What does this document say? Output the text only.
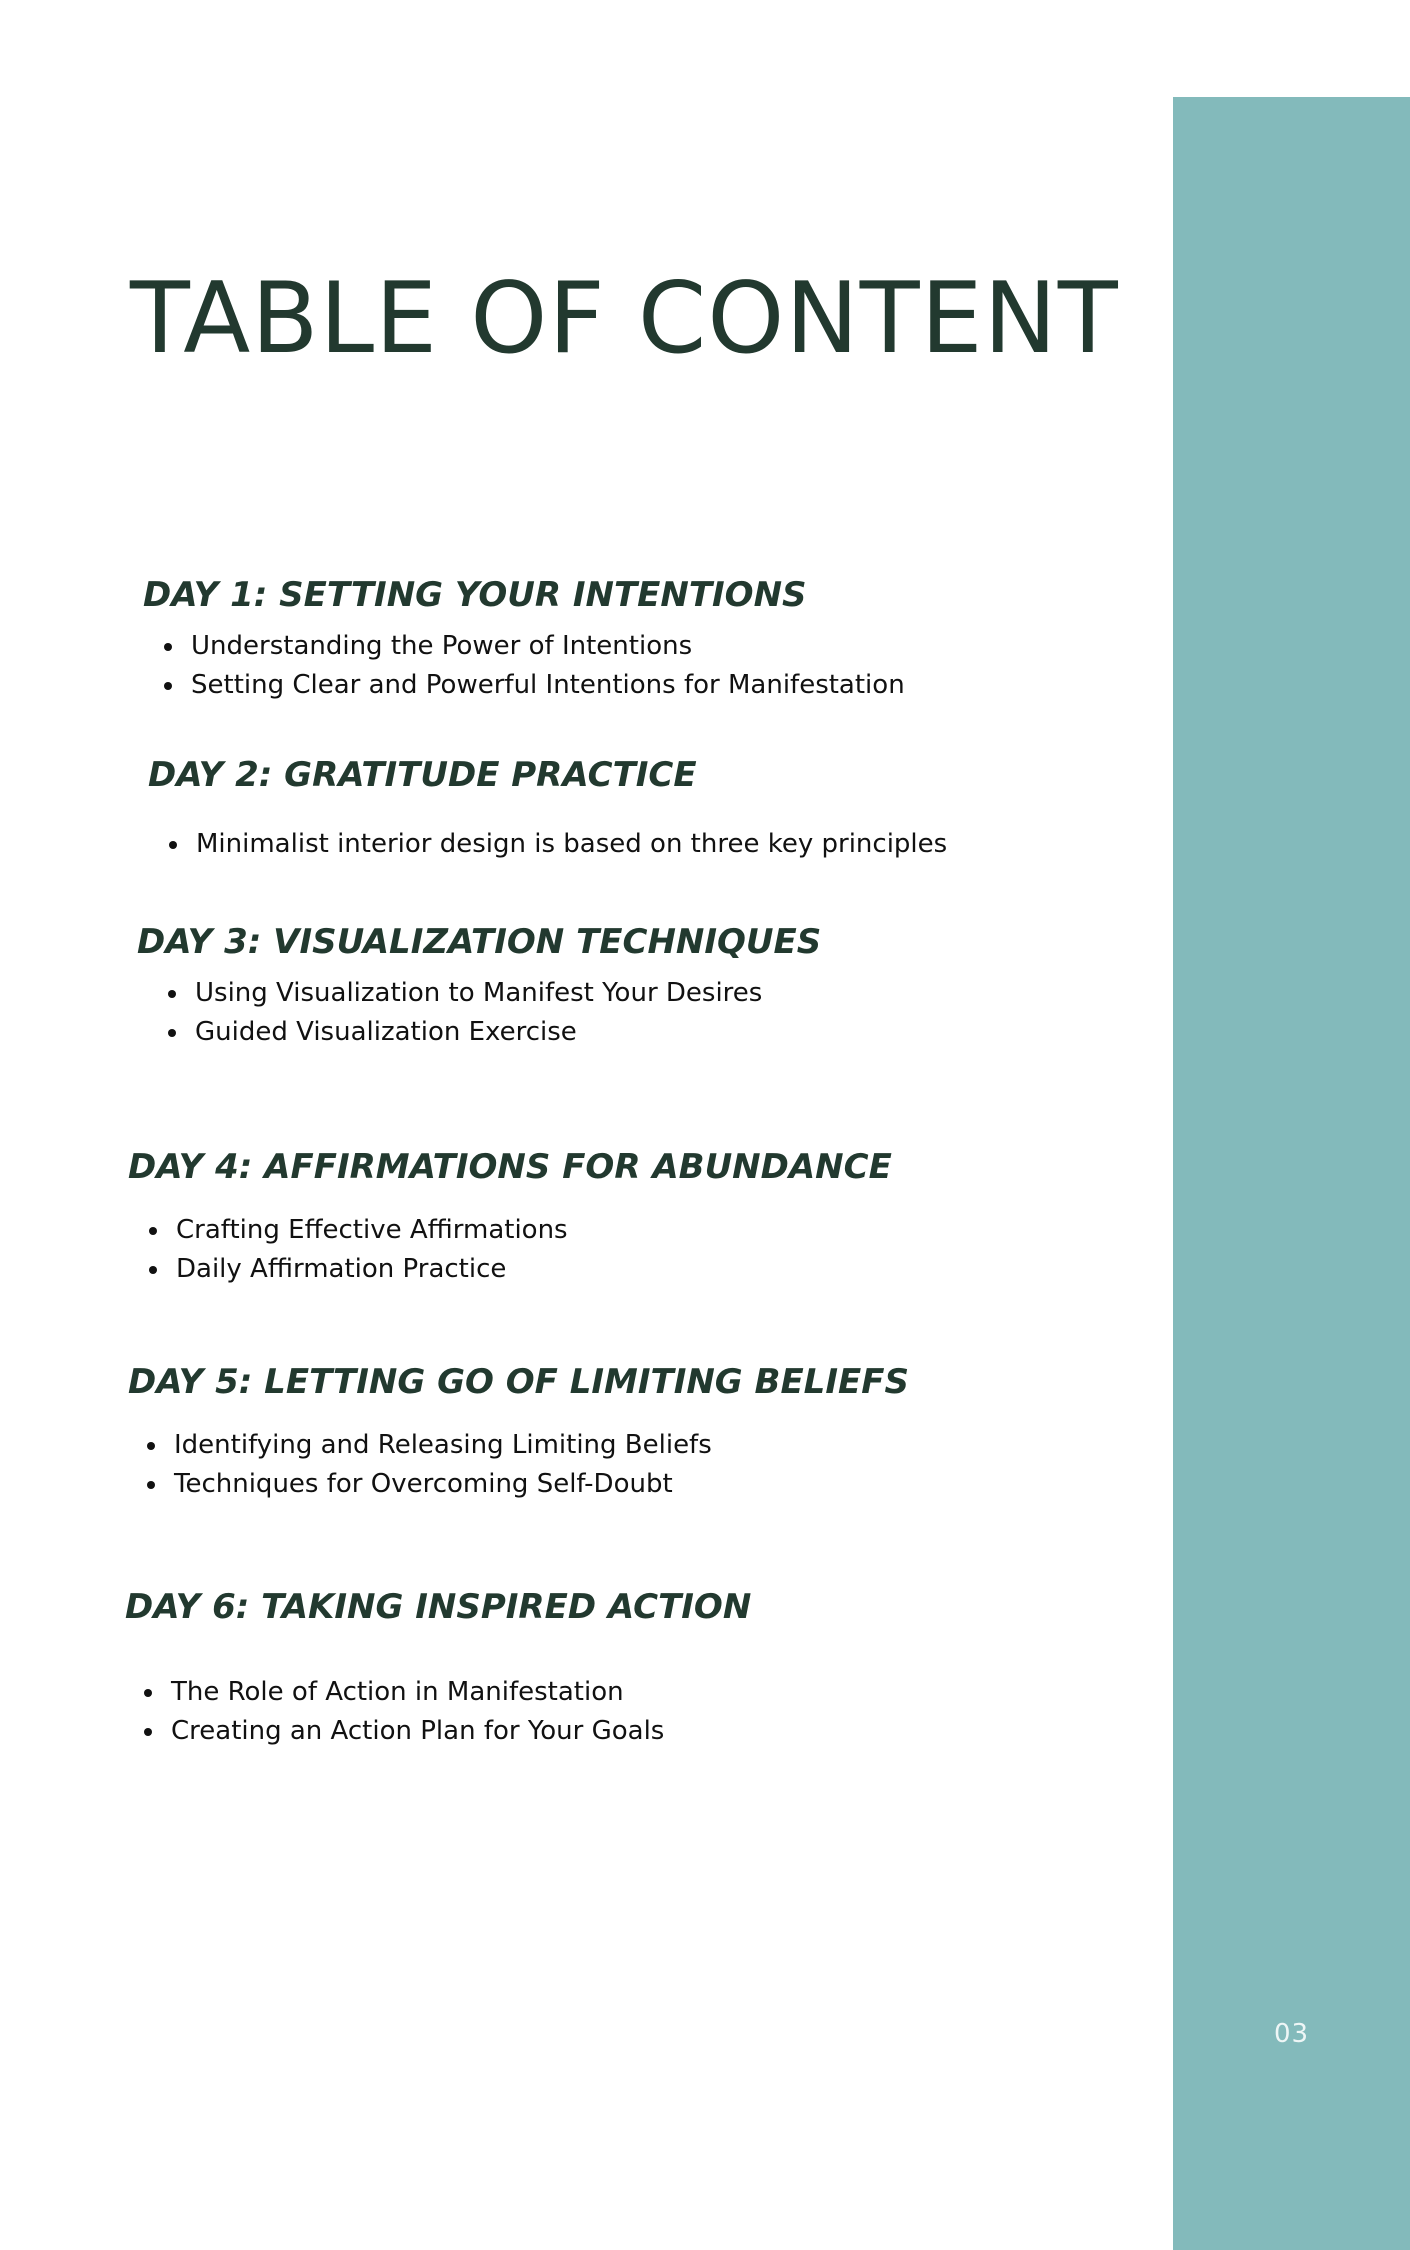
03
TABLE OF CONTENT
DAY 1: SETTING YOUR INTENTIONS
Understanding the Power of Intentions
Setting Clear and Powerful Intentions for Manifestation
DAY 2: GRATITUDE PRACTICE
Minimalist interior design is based on three key principles
DAY 3: VISUALIZATION TECHNIQUES
Using Visualization to Manifest Your Desires
Guided Visualization Exercise
DAY 4: AFFIRMATIONS FOR ABUNDANCE
Crafting Effective Affirmations
Daily Affirmation Practice
DAY 5: LETTING GO OF LIMITING BELIEFS
Identifying and Releasing Limiting Beliefs
Techniques for Overcoming Self-Doubt
DAY 6: TAKING INSPIRED ACTION
The Role of Action in Manifestation
Creating an Action Plan for Your Goals
